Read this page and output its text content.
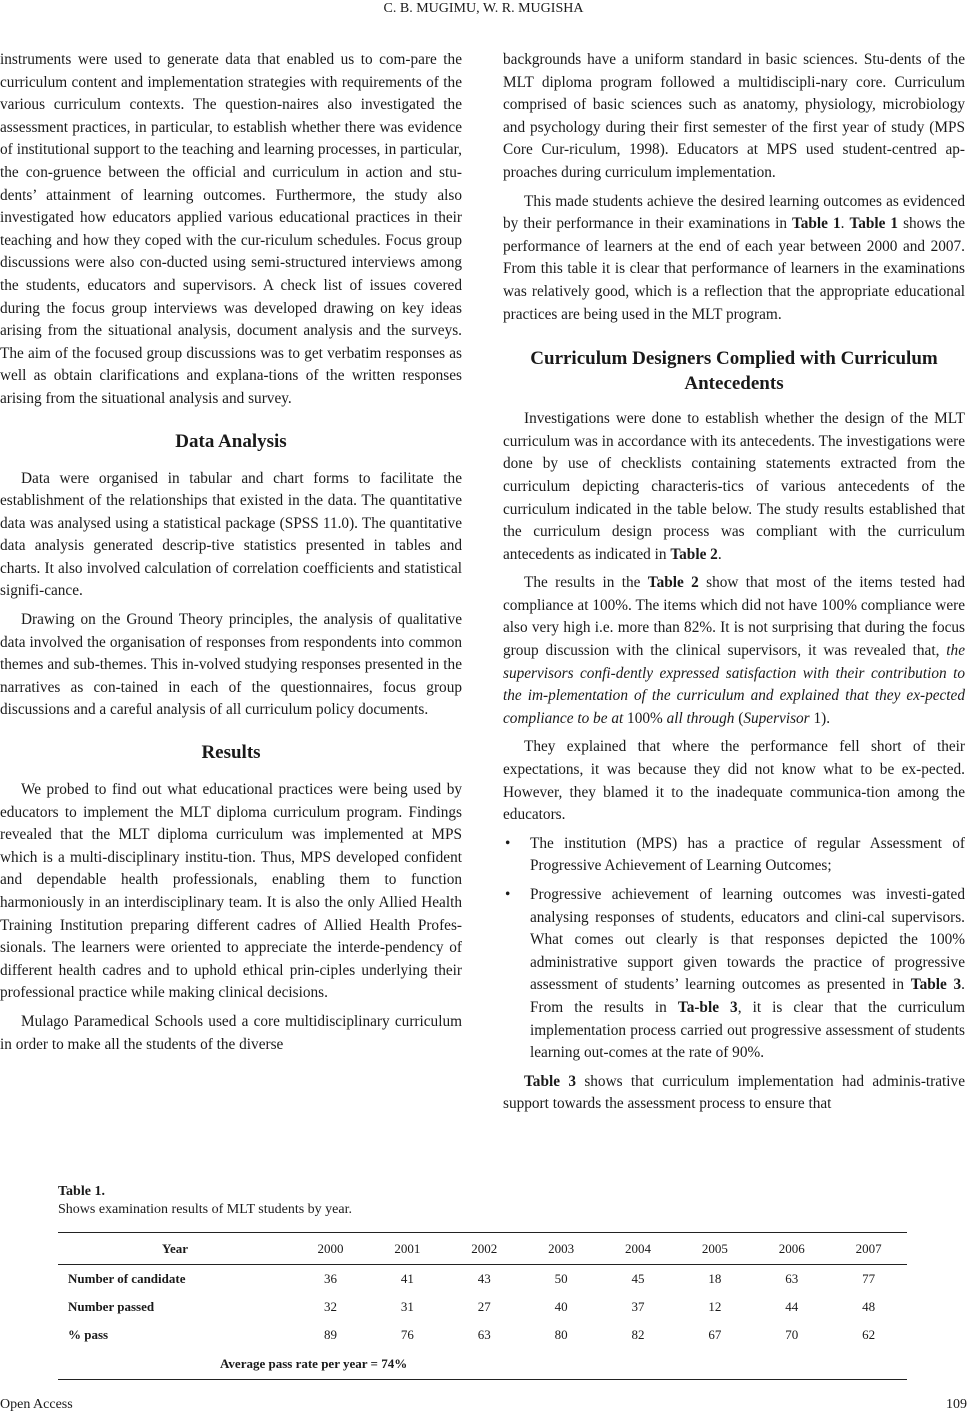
C. B. MUGIMU, W. R. MUGISHA

instruments were used to generate data that enabled us to com-pare the curriculum content and implementation strategies with requirements of the various curriculum contexts. The question-naires also investigated the assessment practices, in particular, to establish whether there was evidence of institutional support to the teaching and learning processes, in particular, the con-gruence between the official and curriculum in action and stu-dents’ attainment of learning outcomes. Furthermore, the study also investigated how educators applied various educational practices in their teaching and how they coped with the cur-riculum schedules. Focus group discussions were also con-ducted using semi-structured interviews among the students, educators and supervisors. A check list of issues covered during the focus group interviews was developed drawing on key ideas arising from the situational analysis, document analysis and the surveys. The aim of the focused group discussions was to get verbatim responses as well as obtain clarifications and explana-tions of the written responses arising from the situational analysis and survey.

Data Analysis

Data were organised in tabular and chart forms to facilitate the establishment of the relationships that existed in the data. The quantitative data was analysed using a statistical package (SPSS 11.0). The quantitative data analysis generated descrip-tive statistics presented in tables and charts. It also involved calculation of correlation coefficients and statistical signifi-cance.

Drawing on the Ground Theory principles, the analysis of qualitative data involved the organisation of responses from respondents into common themes and sub-themes. This in-volved studying responses presented in the narratives as con-tained in each of the questionnaires, focus group discussions and a careful analysis of all curriculum policy documents.

Results

We probed to find out what educational practices were being used by educators to implement the MLT diploma curriculum program. Findings revealed that the MLT diploma curriculum was implemented at MPS which is a multi-disciplinary institu-tion. Thus, MPS developed confident and dependable health professionals, enabling them to function harmoniously in an interdisciplinary team. It is also the only Allied Health Training Institution preparing different cadres of Allied Health Profes-sionals. The learners were oriented to appreciate the interde-pendency of different health cadres and to uphold ethical prin-ciples underlying their professional practice while making clinical decisions.

Mulago Paramedical Schools used a core multidisciplinary curriculum in order to make all the students of the diverse

backgrounds have a uniform standard in basic sciences. Stu-dents of the MLT diploma program followed a multidiscipli-nary core. Curriculum comprised of basic sciences such as anatomy, physiology, microbiology and psychology during their first semester of the first year of study (MPS Core Cur-riculum, 1998). Educators at MPS used student-centred ap-proaches during curriculum implementation.

This made students achieve the desired learning outcomes as evidenced by their performance in their examinations in Table 1. Table 1 shows the performance of learners at the end of each year between 2000 and 2007. From this table it is clear that performance of learners in the examinations was relatively good, which is a reflection that the appropriate educational practices are being used in the MLT program.

Curriculum Designers Complied with Curriculum Antecedents

Investigations were done to establish whether the design of the MLT curriculum was in accordance with its antecedents. The investigations were done by use of checklists containing statements extracted from the curriculum depicting characteris-tics of various antecedents of the curriculum indicated in the table below. The study results established that the curriculum design process was compliant with the curriculum antecedents as indicated in Table 2.

The results in the Table 2 show that most of the items tested had compliance at 100%. The items which did not have 100% compliance were also very high i.e. more than 82%. It is not surprising that during the focus group discussion with the clinical supervisors, it was revealed that, the supervisors confi-dently expressed satisfaction with their contribution to the im-plementation of the curriculum and explained that they ex-pected compliance to be at 100% all through (Supervisor 1).

They explained that where the performance fell short of their expectations, it was because they did not know what to be ex-pected. However, they blamed it to the inadequate communica-tion among the educators.

• The institution (MPS) has a practice of regular Assessment of Progressive Achievement of Learning Outcomes;
• Progressive achievement of learning outcomes was investi-gated analysing responses of students, educators and clini-cal supervisors. What comes out clearly is that responses depicted the 100% administrative support given towards the practice of progressive assessment of students’ learning outcomes as presented in Table 3. From the results in Ta-ble 3, it is clear that the curriculum implementation process carried out progressive assessment of students learning out-comes at the rate of 90%.

Table 3 shows that curriculum implementation had adminis-trative support towards the assessment process to ensure that

Table 1.
Shows examination results of MLT students by year.
Year	2000	2001	2002	2003	2004	2005	2006	2007
Number of candidate	36	41	43	50	45	18	63	77
Number passed	32	31	27	40	37	12	44	48
% pass	89	76	63	80	82	67	70	62
Average pass rate per year = 74%								
Open Access	109
